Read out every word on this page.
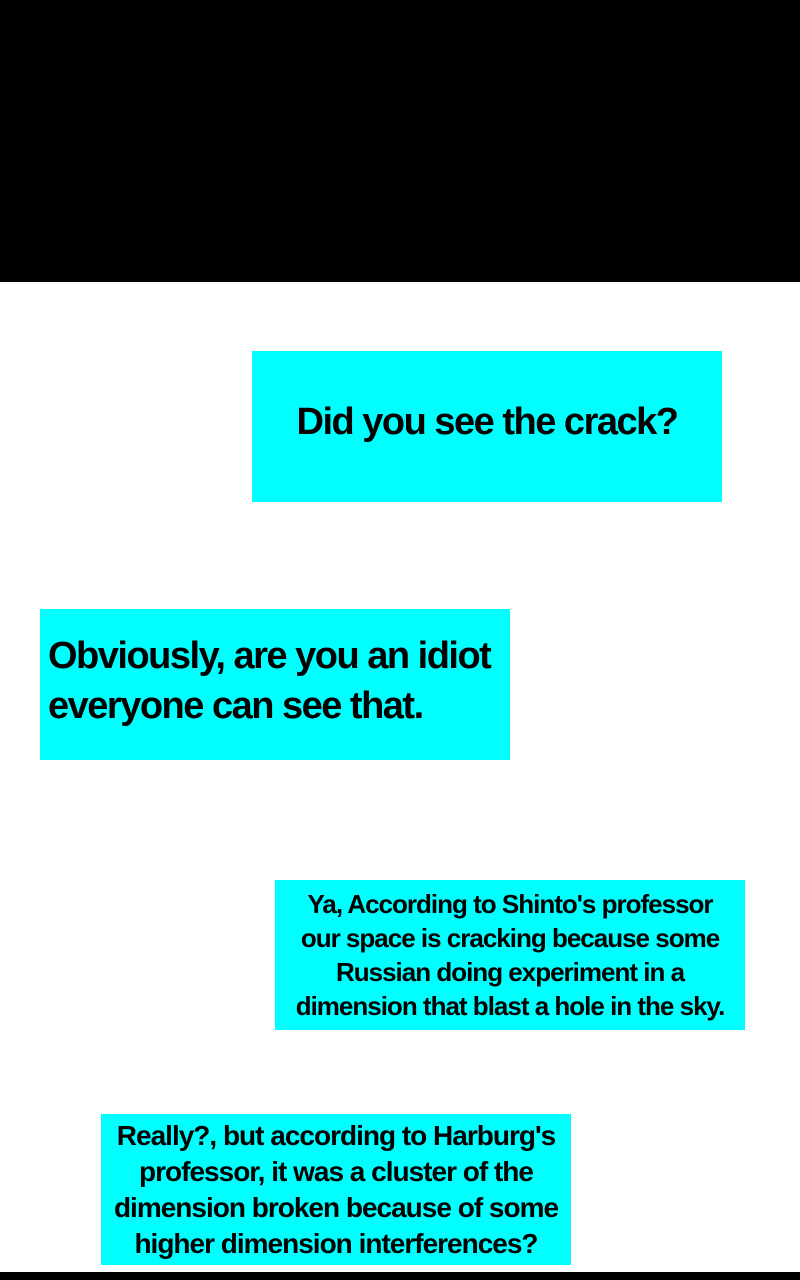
Did you see the crack?
Obviously, are you an idiot
everyone can see that.
Ya, According to Shinto's professor
our space is cracking because some
Russian doing experiment in a
dimension that blast a hole in the sky.
Really?, but according to Harburg's
professor, it was a cluster of the
dimension broken because of some
higher dimension interferences?
